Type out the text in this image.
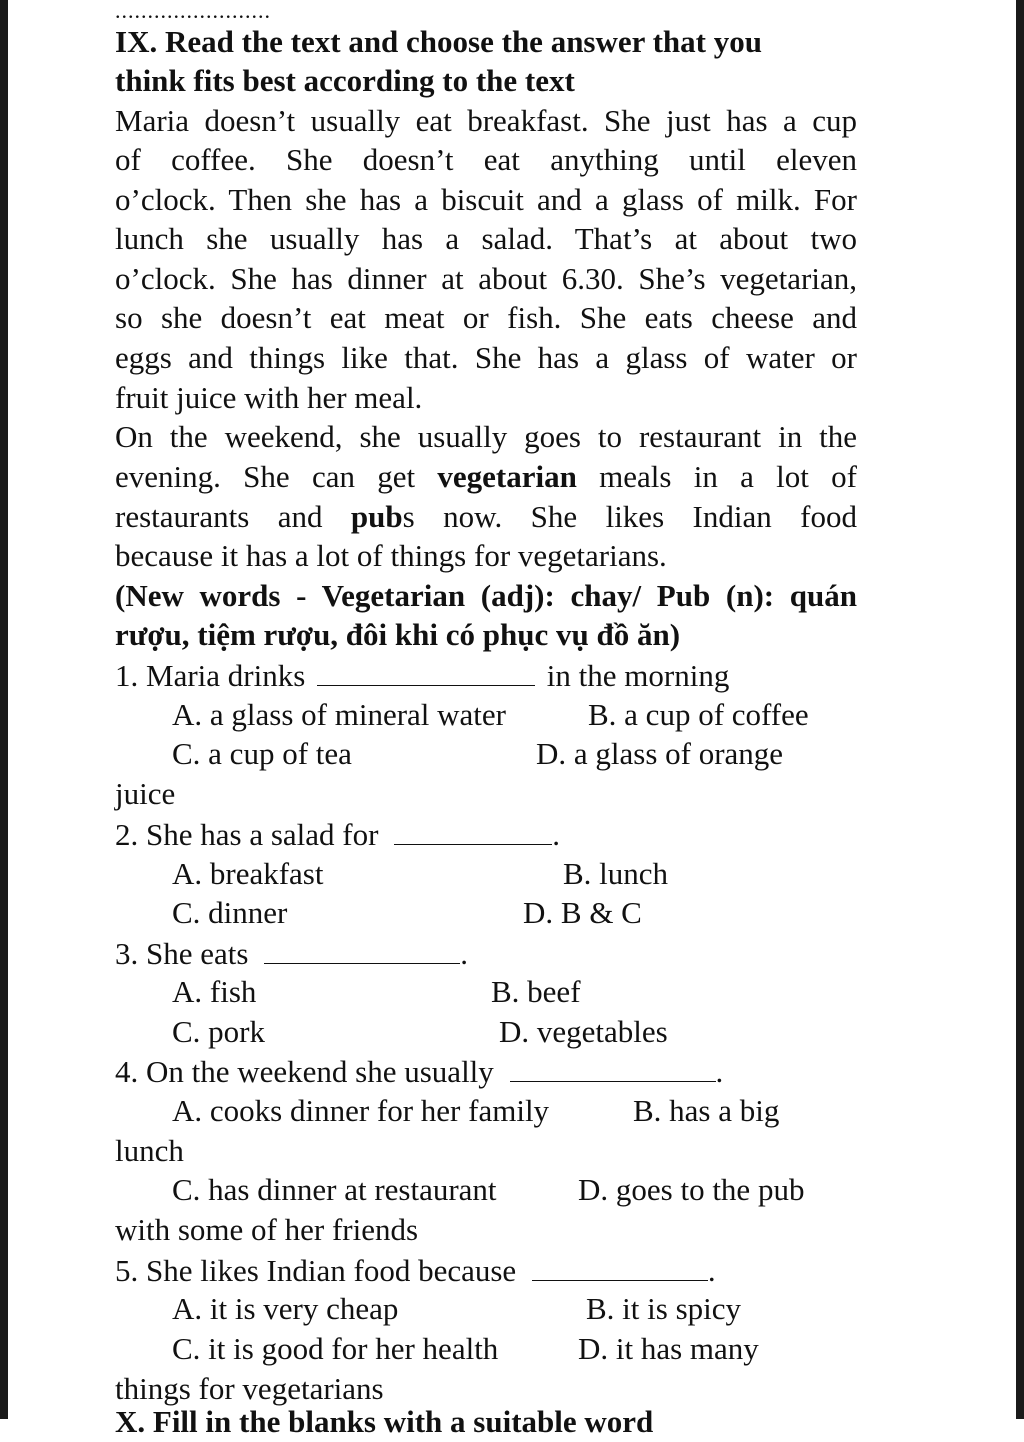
........................
IX. Read the text and choose the answer that you
think fits best according to the text
Maria doesn’t usually eat breakfast. She just has a cup
of coffee. She doesn’t eat anything until eleven
o’clock. Then she has a biscuit and a glass of milk. For
lunch she usually has a salad. That’s at about two
o’clock. She has dinner at about 6.30. She’s vegetarian,
so she doesn’t eat meat or fish. She eats cheese and
eggs and things like that. She has a glass of water or
fruit juice with her meal.
On the weekend, she usually goes to restaurant in the
evening. She can get vegetarian meals in a lot of
restaurants and pubs now. She likes Indian food
because it has a lot of things for vegetarians.
(New words - Vegetarian (adj): chay/ Pub (n): quán
rượu, tiệm rượu, đôi khi có phục vụ đồ ăn)
1. Maria drinks	in the morning
A. a glass of mineral water	B. a cup of coffee
C. a cup of tea	D. a glass of orange
juice
2. She has a salad for	.
A. breakfast	B. lunch
C. dinner	D. B & C
3. She eats	.
A. fish	B. beef
C. pork	D. vegetables
4. On the weekend she usually	.
A. cooks dinner for her family	B. has a big
lunch
C. has dinner at restaurant	D. goes to the pub
with some of her friends
5. She likes Indian food because	.
A. it is very cheap	B. it is spicy
C. it is good for her health	D. it has many
things for vegetarians
X. Fill in the blanks with a suitable word
